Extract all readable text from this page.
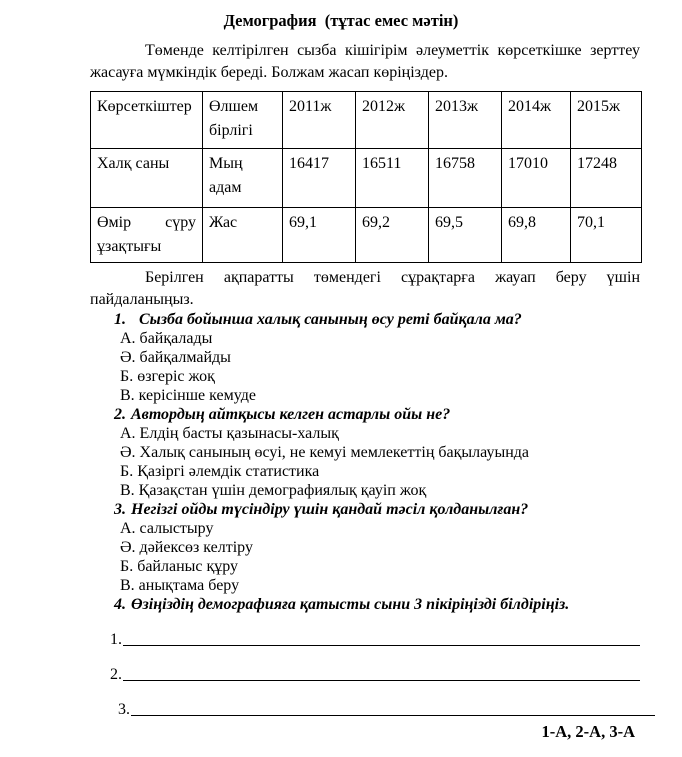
Демография  (тұтас емес мәтін)
Төменде келтірілген сызба кішігірім әлеуметтік көрсеткішке зерттеу жасауға мүмкіндік береді. Болжам жасап көріңіздер.
Көрсеткіштер	Өлшем бірлігі	2011ж	2012ж	2013ж	2014ж	2015ж
Халқ саны	Мың адам	16417	16511	16758	17010	17248
Өмір сүру ұзақтығы	Жас	69,1	69,2	69,5	69,8	70,1
Берілген ақпаратты төмендегі сұрақтарға жауап беру үшін пайдаланыңыз.
1. Сызба бойынша халық санының өсу реті байқала ма?
А. байқалады
Ә. байқалмайды
Б. өзгеріс жоқ
В. керісінше кемуде
2. Автордың айтқысы келген астарлы ойы не?
А. Елдің басты қазынасы-халық
Ә. Халық санының өсуі, не кемуі мемлекеттің бақылауында
Б. Қазіргі әлемдік статистика
В. Қазақстан үшін демографиялық қауіп жоқ
3. Негізгі ойды түсіндіру үшін қандай тәсіл қолданылған?
А. салыстыру
Ә. дәйексөз келтіру
Б. байланыс құру
В. анықтама беру
4. Өзіңіздің демографияға қатысты сыни 3 пікіріңізді білдіріңіз.
1.
2.
3.
1-А, 2-А, 3-А
